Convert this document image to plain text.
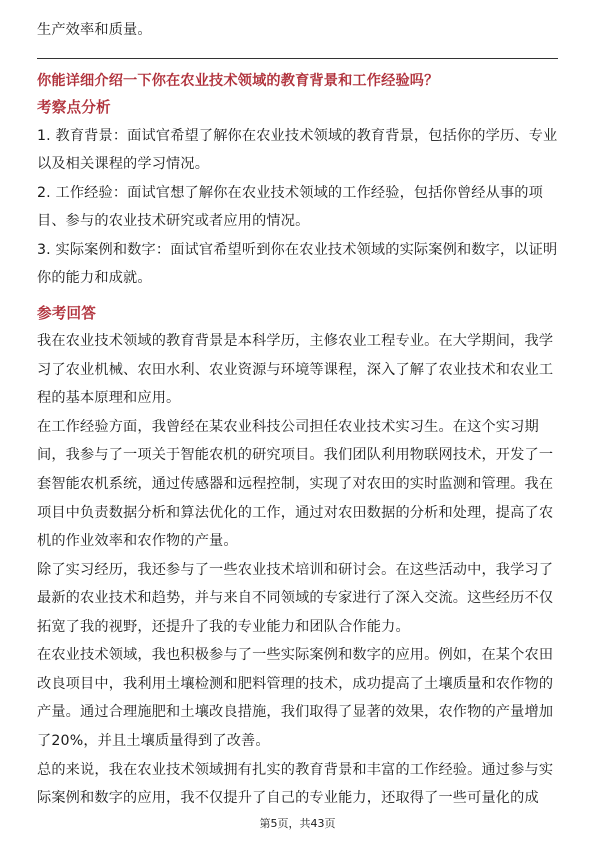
生产效率和质量。
你能详细介绍一下你在农业技术领域的教育背景和工作经验吗？
考察点分析
1. 教育背景：面试官希望了解你在农业技术领域的教育背景，包括你的学历、专业
以及相关课程的学习情况。
2. 工作经验：面试官想了解你在农业技术领域的工作经验，包括你曾经从事的项
目、参与的农业技术研究或者应用的情况。
3. 实际案例和数字：面试官希望听到你在农业技术领域的实际案例和数字，以证明
你的能力和成就。
参考回答
我在农业技术领域的教育背景是本科学历，主修农业工程专业。在大学期间，我学
习了农业机械、农田水利、农业资源与环境等课程，深入了解了农业技术和农业工
程的基本原理和应用。
在工作经验方面，我曾经在某农业科技公司担任农业技术实习生。在这个实习期
间，我参与了一项关于智能农机的研究项目。我们团队利用物联网技术，开发了一
套智能农机系统，通过传感器和远程控制，实现了对农田的实时监测和管理。我在
项目中负责数据分析和算法优化的工作，通过对农田数据的分析和处理，提高了农
机的作业效率和农作物的产量。
除了实习经历，我还参与了一些农业技术培训和研讨会。在这些活动中，我学习了
最新的农业技术和趋势，并与来自不同领域的专家进行了深入交流。这些经历不仅
拓宽了我的视野，还提升了我的专业能力和团队合作能力。
在农业技术领域，我也积极参与了一些实际案例和数字的应用。例如，在某个农田
改良项目中，我利用土壤检测和肥料管理的技术，成功提高了土壤质量和农作物的
产量。通过合理施肥和土壤改良措施，我们取得了显著的效果，农作物的产量增加
了20%，并且土壤质量得到了改善。
总的来说，我在农业技术领域拥有扎实的教育背景和丰富的工作经验。通过参与实
际案例和数字的应用，我不仅提升了自己的专业能力，还取得了一些可量化的成
第5页，共43页
